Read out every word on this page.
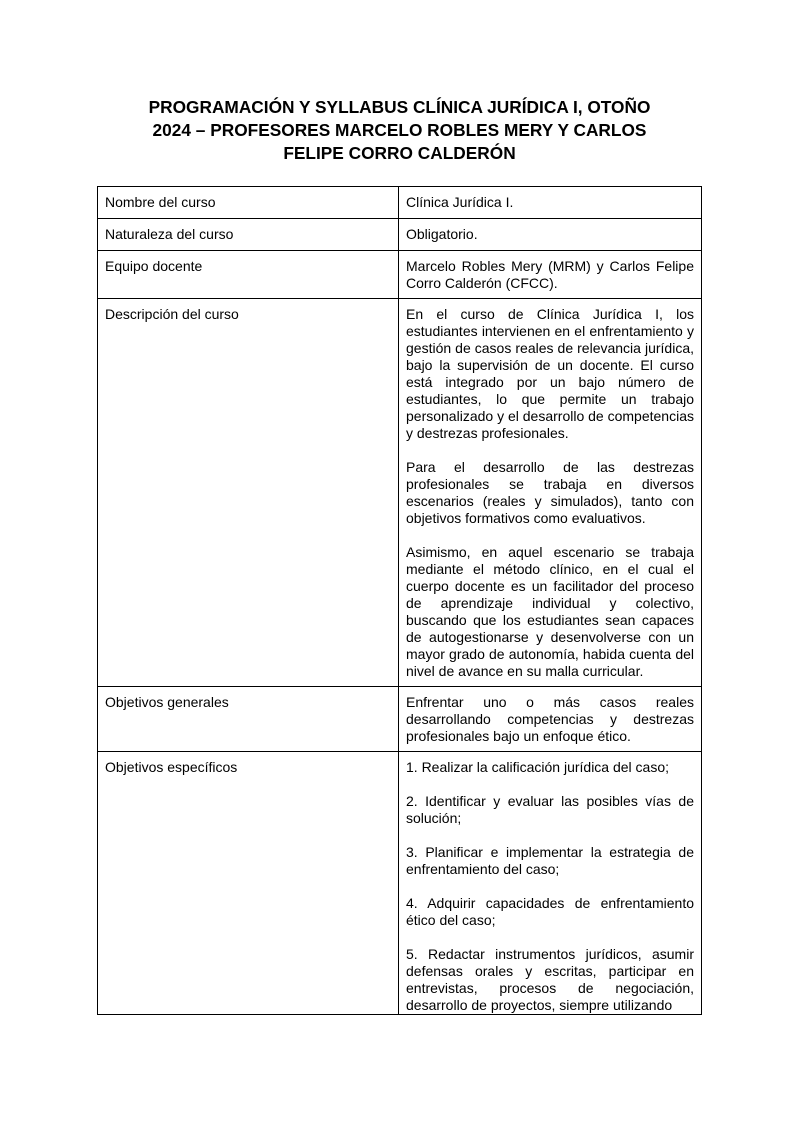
PROGRAMACIÓN Y SYLLABUS CLÍNICA JURÍDICA I, OTOÑO
2024 – PROFESORES MARCELO ROBLES MERY Y CARLOS
FELIPE CORRO CALDERÓN
Nombre del curso	Clínica Jurídica I.

Naturaleza del curso	Obligatorio.

Equipo docente	Marcelo Robles Mery (MRM) y Carlos Felipe Corro Calderón (CFCC).

Descripción del curso	En el curso de Clínica Jurídica I, los estudiantes intervienen en el enfrentamiento y gestión de casos reales de relevancia jurídica, bajo la supervisión de un docente. El curso está integrado por un bajo número de estudiantes, lo que permite un trabajo personalizado y el desarrollo de competencias y destrezas profesionales.

Para el desarrollo de las destrezas profesionales se trabaja en diversos escenarios (reales y simulados), tanto con objetivos formativos como evaluativos.

Asimismo, en aquel escenario se trabaja mediante el método clínico, en el cual el cuerpo docente es un facilitador del proceso de aprendizaje individual y colectivo, buscando que los estudiantes sean capaces de autogestionarse y desenvolverse con un mayor grado de autonomía, habida cuenta del nivel de avance en su malla curricular.

Objetivos generales	Enfrentar uno o más casos reales desarrollando competencias y destrezas profesionales bajo un enfoque ético.

Objetivos específicos	1. Realizar la calificación jurídica del caso;

2. Identificar y evaluar las posibles vías de solución;

3. Planificar e implementar la estrategia de enfrentamiento del caso;

4. Adquirir capacidades de enfrentamiento ético del caso;

5. Redactar instrumentos jurídicos, asumir defensas orales y escritas, participar en entrevistas, procesos de negociación, desarrollo de proyectos, siempre utilizando
